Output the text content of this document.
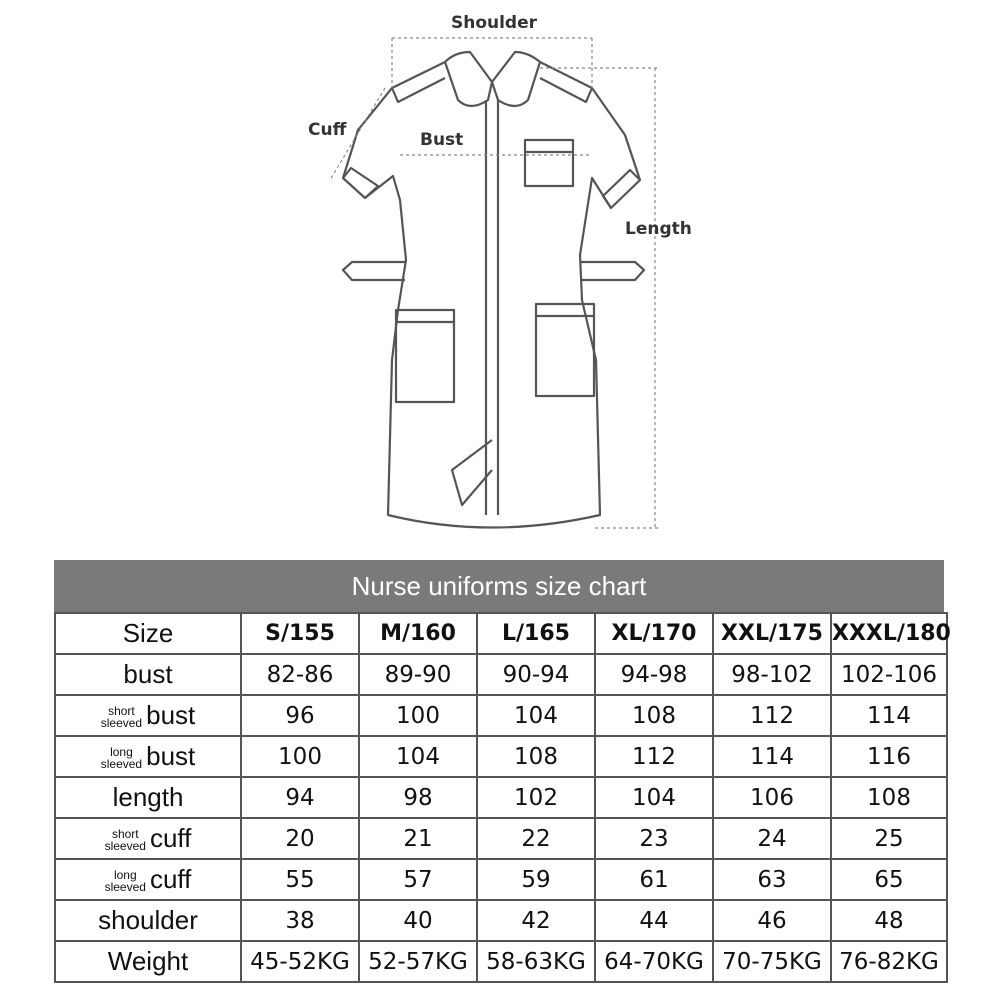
Shoulder
Cuff	Bust
Length
Nurse uniforms size chart
Size	S/155	M/160	L/165	XL/170	XXL/175	XXXL/180
bust	82-86	89-90	90-94	94-98	98-102	102-106

short
sleeved bust	96	100	104	108	112	114

long
sleeved bust	100	104	108	112	114	116
length	94	98	102	104	106	108

short
sleeved cuff	20	21	22	23	24	25

long
sleeved cuff	55	57	59	61	63	65
shoulder	38	40	42	44	46	48
Weight	45-52KG	52-57KG	58-63KG	64-70KG	70-75KG	76-82KG
